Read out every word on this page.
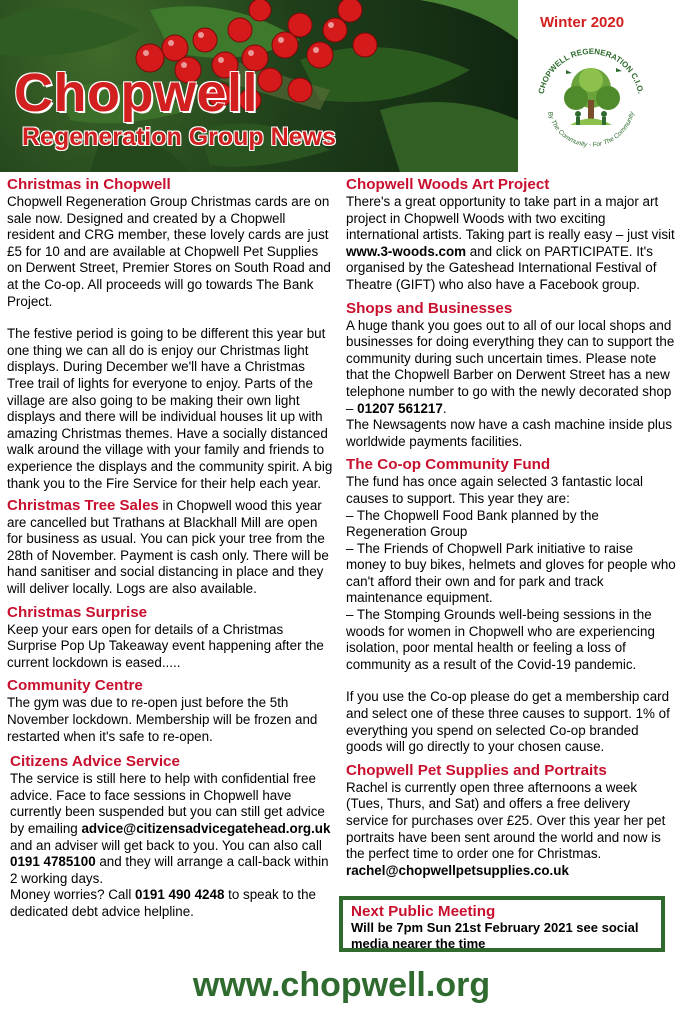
Chopwell
Regeneration Group News
Winter 2020
CHOPWELL REGENERATION C.I.O.
By The Community - For The Community
Christmas in Chopwell

Chopwell Regeneration Group Christmas cards are on sale now. Designed and created by a Chopwell resident and CRG member, these lovely cards are just £5 for 10 and are available at Chopwell Pet Supplies on Derwent Street, Premier Stores on South Road and at the Co-op. All proceeds will go towards The Bank Project.

The festive period is going to be different this year but one thing we can all do is enjoy our Christmas light displays. During December we'll have a Christmas Tree trail of lights for everyone to enjoy. Parts of the village are also going to be making their own light displays and there will be individual houses lit up with amazing Christmas themes. Have a socially distanced walk around the village with your family and friends to experience the displays and the community spirit. A big thank you to the Fire Service for their help each year.

Christmas Tree Sales in Chopwell wood this year are cancelled but Trathans at Blackhall Mill are open for business as usual. You can pick your tree from the 28th of November. Payment is cash only. There will be hand sanitiser and social distancing in place and they will deliver locally. Logs are also available.

Christmas Surprise

Keep your ears open for details of a Christmas Surprise Pop Up Takeaway event happening after the current lockdown is eased.....

Community Centre

The gym was due to re-open just before the 5th November lockdown. Membership will be frozen and restarted when it's safe to re-open.

Citizens Advice Service

The service is still here to help with confidential free advice. Face to face sessions in Chopwell have currently been suspended but you can still get advice by emailing advice@citizensadvicegatehead.org.uk and an adviser will get back to you. You can also call 0191 4785100 and they will arrange a call-back within 2 working days.

Money worries? Call 0191 490 4248 to speak to the dedicated debt advice helpline.

Chopwell Woods Art Project

There's a great opportunity to take part in a major art project in Chopwell Woods with two exciting international artists. Taking part is really easy – just visit www.3-woods.com and click on PARTICIPATE. It's organised by the Gateshead International Festival of Theatre (GIFT) who also have a Facebook group.

Shops and Businesses

A huge thank you goes out to all of our local shops and businesses for doing everything they can to support the community during such uncertain times. Please note that the Chopwell Barber on Derwent Street has a new telephone number to go with the newly decorated shop – 01207 561217.

The Newsagents now have a cash machine inside plus worldwide payments facilities.

The Co-op Community Fund

The fund has once again selected 3 fantastic local causes to support. This year they are:

– The Chopwell Food Bank planned by the Regeneration Group

– The Friends of Chopwell Park initiative to raise money to buy bikes, helmets and gloves for people who can't afford their own and for park and track maintenance equipment.

– The Stomping Grounds well-being sessions in the woods for women in Chopwell who are experiencing isolation, poor mental health or feeling a loss of community as a result of the Covid-19 pandemic.

If you use the Co-op please do get a membership card and select one of these three causes to support. 1% of everything you spend on selected Co-op branded goods will go directly to your chosen cause.

Chopwell Pet Supplies and Portraits

Rachel is currently open three afternoons a week (Tues, Thurs, and Sat) and offers a free delivery service for purchases over £25. Over this year her pet portraits have been sent around the world and now is the perfect time to order one for Christmas.

rachel@chopwellpetsupplies.co.uk

Next Public Meeting

Will be 7pm Sun 21st February 2021 see social media nearer the time

www.chopwell.org
